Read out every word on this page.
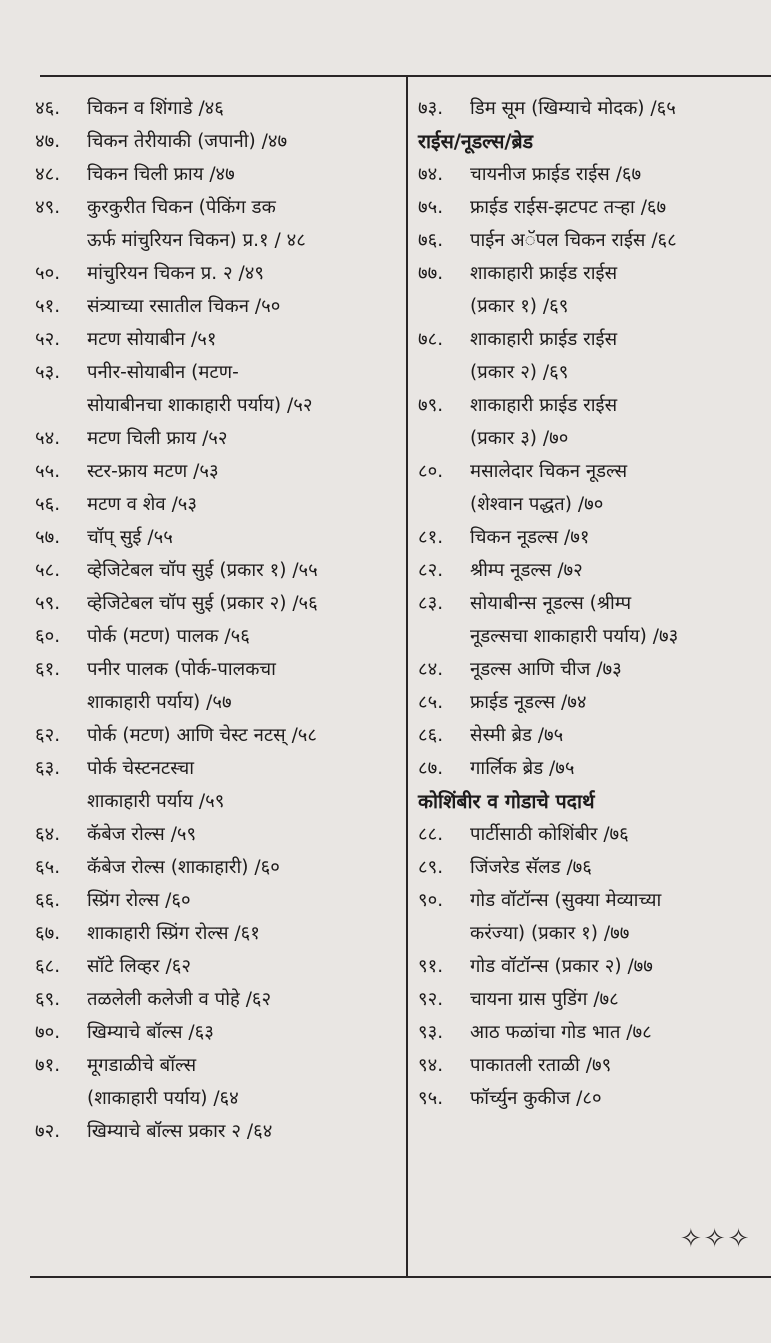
४६. चिकन व शिंगाडे /४६
४७. चिकन तेरीयाकी (जपानी) /४७
४८. चिकन चिली फ्राय /४७
४९. कुरकुरीत चिकन (पेकिंग डक
ऊर्फ मांचुरियन चिकन) प्र.१ / ४८
५०. मांचुरियन चिकन प्र. २ /४९
५१. संत्र्याच्या रसातील चिकन /५०
५२. मटण सोयाबीन /५१
५३. पनीर-सोयाबीन (मटण-
सोयाबीनचा शाकाहारी पर्याय) /५२
५४. मटण चिली फ्राय /५२
५५. स्टर-फ्राय मटण /५३
५६. मटण व शेव /५३
५७. चॉप् सुई /५५
५८. व्हेजिटेबल चॉप सुई (प्रकार १) /५५
५९. व्हेजिटेबल चॉप सुई (प्रकार २) /५६
६०. पोर्क (मटण) पालक /५६
६१. पनीर पालक (पोर्क-पालकचा
शाकाहारी पर्याय) /५७
६२. पोर्क (मटण) आणि चेस्ट नटस् /५८
६३. पोर्क चेस्टनटस्चा
शाकाहारी पर्याय /५९
६४. कॅबेज रोल्स /५९
६५. कॅबेज रोल्स (शाकाहारी) /६०
६६. स्प्रिंग रोल्स /६०
६७. शाकाहारी स्प्रिंग रोल्स /६१
६८. सॉटे लिव्हर /६२
६९. तळलेली कलेजी व पोहे /६२
७०. खिम्याचे बॉल्स /६३
७१. मूगडाळीचे बॉल्स
(शाकाहारी पर्याय) /६४
७२. खिम्याचे बॉल्स प्रकार २ /६४
७३. डिम सूम (खिम्याचे मोदक) /६५
राईस/नूडल्स/ब्रेड
७४. चायनीज फ्राईड राईस /६७
७५. फ्राईड राईस-झटपट तऱ्हा /६७
७६. पाईन अॅपल चिकन राईस /६८
७७. शाकाहारी फ्राईड राईस
(प्रकार १) /६९
७८. शाकाहारी फ्राईड राईस
(प्रकार २) /६९
७९. शाकाहारी फ्राईड राईस
(प्रकार ३) /७०
८०. मसालेदार चिकन नूडल्स
(शेश्वान पद्धत) /७०
८१. चिकन नूडल्स /७१
८२. श्रीम्प नूडल्स /७२
८३. सोयाबीन्स नूडल्स (श्रीम्प
नूडल्सचा शाकाहारी पर्याय) /७३
८४. नूडल्स आणि चीज /७३
८५. फ्राईड नूडल्स /७४
८६. सेस्मी ब्रेड /७५
८७. गार्लिक ब्रेड /७५
कोशिंबीर व गोडाचे पदार्थ
८८. पार्टीसाठी कोशिंबीर /७६
८९. जिंजरेड सॅलड /७६
९०. गोड वॉटॉन्स (सुक्या मेव्याच्या
करंज्या) (प्रकार १) /७७
९१. गोड वॉटॉन्स (प्रकार २) /७७
९२. चायना ग्रास पुडिंग /७८
९३. आठ फळांचा गोड भात /७८
९४. पाकातली रताळी /७९
९५. फॉर्च्युन कुकीज /८०
✧✧✧
